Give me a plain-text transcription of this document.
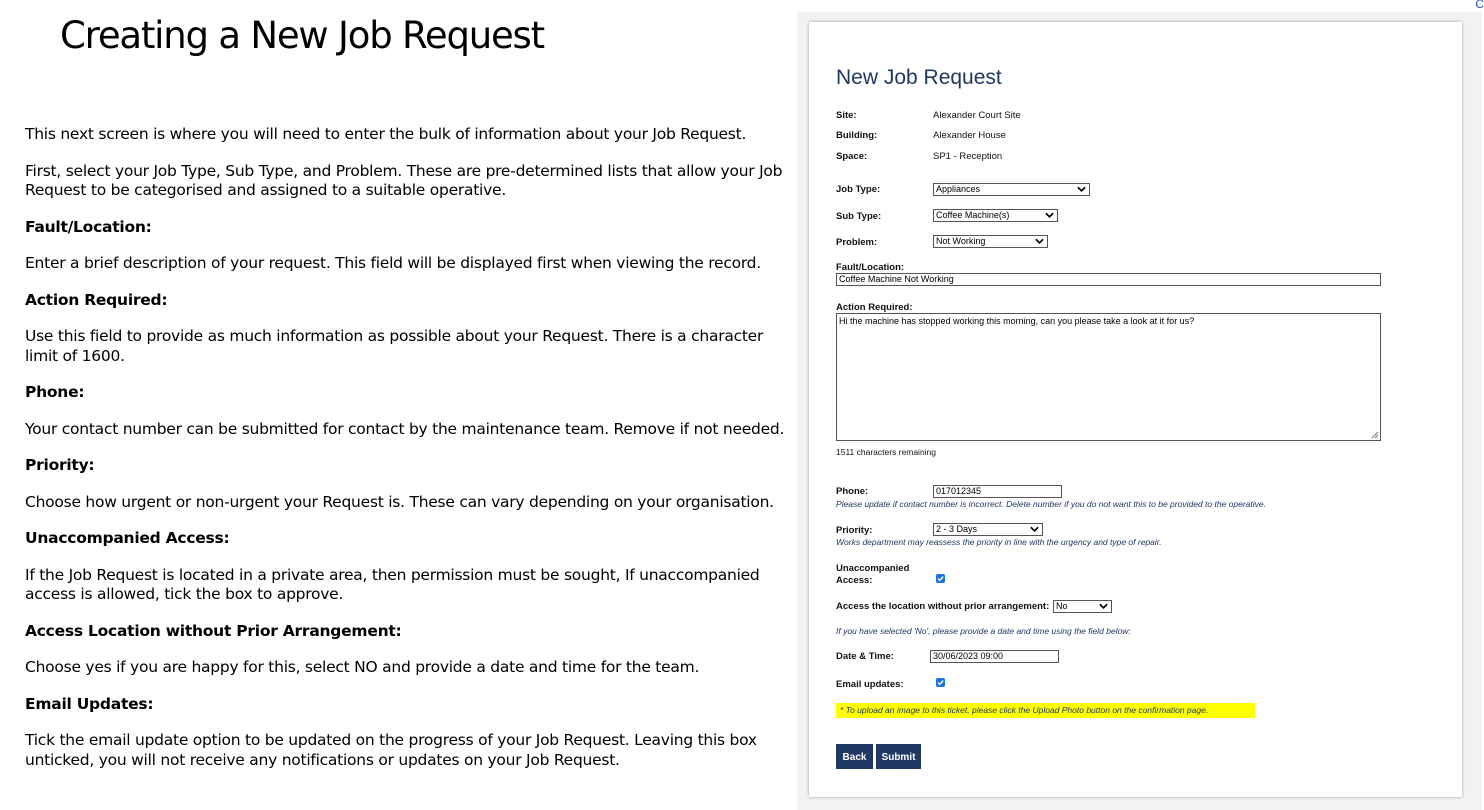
Creating a New Job Request

This next screen is where you will need to enter the bulk of information about your Job Request.

First, select your Job Type, Sub Type, and Problem. These are pre-determined lists that allow your Job Request to be categorised and assigned to a suitable operative.

Fault/Location:

Enter a brief description of your request. This field will be displayed first when viewing the record.

Action Required:

Use this field to provide as much information as possible about your Request. There is a character limit of 1600.

Phone:

Your contact number can be submitted for contact by the maintenance team. Remove if not needed.

Priority:

Choose how urgent or non-urgent your Request is. These can vary depending on your organisation.

Unaccompanied Access:

If the Job Request is located in a private area, then permission must be sought, If unaccompanied access is allowed, tick the box to approve.

Access Location without Prior Arrangement:

Choose yes if you are happy for this, select NO and provide a date and time for the team.

Email Updates:

Tick the email update option to be updated on the progress of your Job Request. Leaving this box unticked, you will not receive any notifications or updates on your Job Request.

C
New Job Request
Site:	Alexander Court Site
Building:	Alexander House
Space:	SP1 - Reception
Job Type:	Appliances
Sub Type:	Coffee Machine(s)
Problem:	Not Working
Fault/Location:
Coffee Machine Not Working
Action Required:
Hi the machine has stopped working this morning, can you please take a look at it for us?
1511 characters remaining
Phone:	017012345
Please update if contact number is incorrect. Delete number if you do not want this to be provided to the operative.
Priority:	2 - 3 Days
Works department may reassess the priority in line with the urgency and type of repair.
Unaccompanied
Access:
Access the location without prior arrangement: No
If you have selected 'No', please provide a date and time using the field below:
Date & Time:	30/06/2023 09:00
Email updates:
* To upload an image to this ticket, please click the Upload Photo button on the confirmation page.
Back	Submit
